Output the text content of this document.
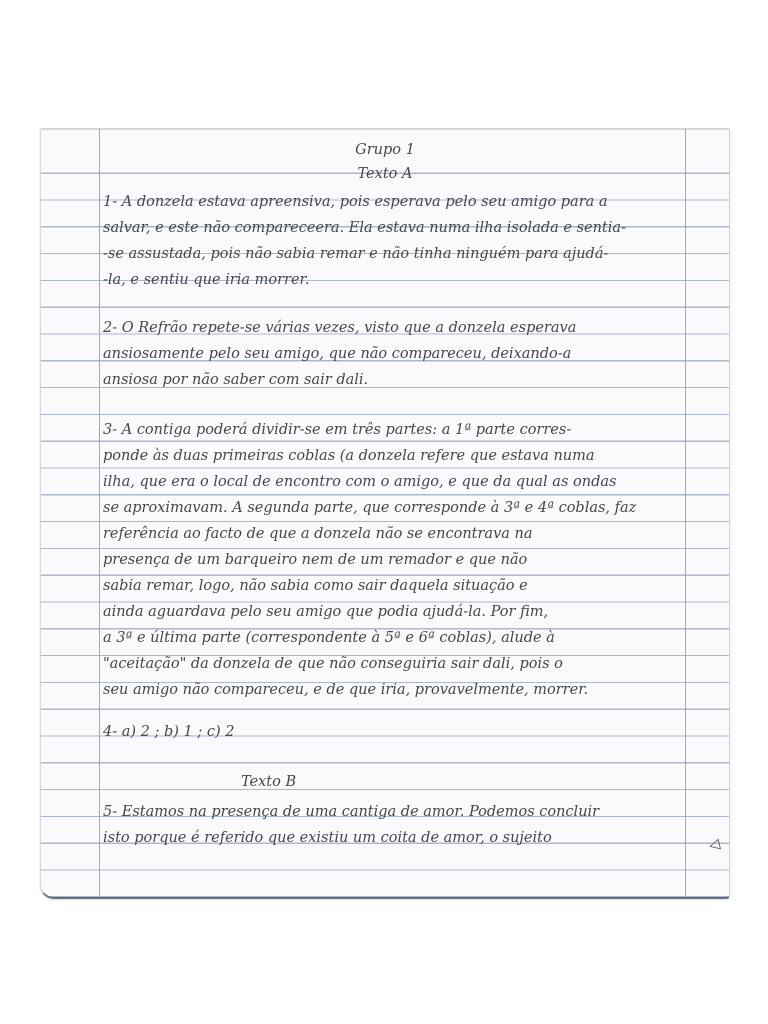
Grupo 1
Texto A
1- A donzela estava apreensiva, pois esperava pelo seu amigo para a
salvar, e este não compareceera. Ela estava numa ilha isolada e sentia-
-se assustada, pois não sabia remar e não tinha ninguém para ajudá-
-la, e sentiu que iria morrer.
2- O Refrão repete-se várias vezes, visto que a donzela esperava
ansiosamente pelo seu amigo, que não compareceu, deixando-a
ansiosa por não saber com sair dali.
3- A contiga poderá dividir-se em três partes: a 1ª parte corres-
ponde às duas primeiras coblas (a donzela refere que estava numa
ilha, que era o local de encontro com o amigo, e que da qual as ondas
se aproximavam. A segunda parte, que corresponde à 3ª e 4ª coblas, faz
referência ao facto de que a donzela não se encontrava na
presença de um barqueiro nem de um remador e que não
sabia remar, logo, não sabia como sair daquela situação e
ainda aguardava pelo seu amigo que podia ajudá-la. Por fim,
a 3ª e última parte (correspondente à 5ª e 6ª coblas), alude à
"aceitação" da donzela de que não conseguiria sair dali, pois o
seu amigo não compareceu, e de que iria, provavelmente, morrer.
4- a) 2 ; b) 1 ; c) 2
Texto B
5- Estamos na presença de uma cantiga de amor. Podemos concluir
isto porque é referido que existiu um coita de amor, o sujeito	◁
